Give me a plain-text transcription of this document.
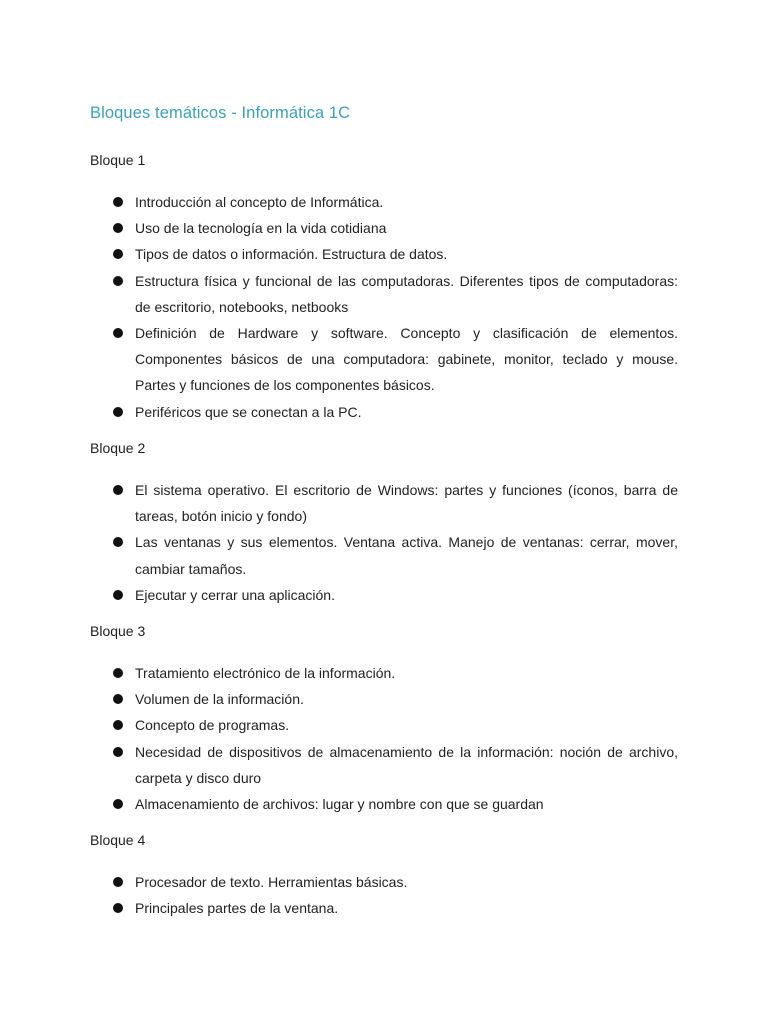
Bloques temáticos - Informática 1C
Bloque 1
Introducción al concepto de Informática.
Uso de la tecnología en la vida cotidiana
Tipos de datos o información. Estructura de datos.
Estructura física y funcional de las computadoras. Diferentes tipos de computadoras: de escritorio, notebooks, netbooks
Definición de Hardware y software. Concepto y clasificación de elementos. Componentes básicos de una computadora: gabinete, monitor, teclado y mouse. Partes y funciones de los componentes básicos.
Periféricos que se conectan a la PC.
Bloque 2
El sistema operativo. El escritorio de Windows: partes y funciones (íconos, barra de tareas, botón inicio y fondo)
Las ventanas y sus elementos. Ventana activa. Manejo de ventanas: cerrar, mover, cambiar tamaños.
Ejecutar y cerrar una aplicación.
Bloque 3
Tratamiento electrónico de la información.
Volumen de la información.
Concepto de programas.
Necesidad de dispositivos de almacenamiento de la información: noción de archivo, carpeta y disco duro
Almacenamiento de archivos: lugar y nombre con que se guardan
Bloque 4
Procesador de texto. Herramientas básicas.
Principales partes de la ventana.
